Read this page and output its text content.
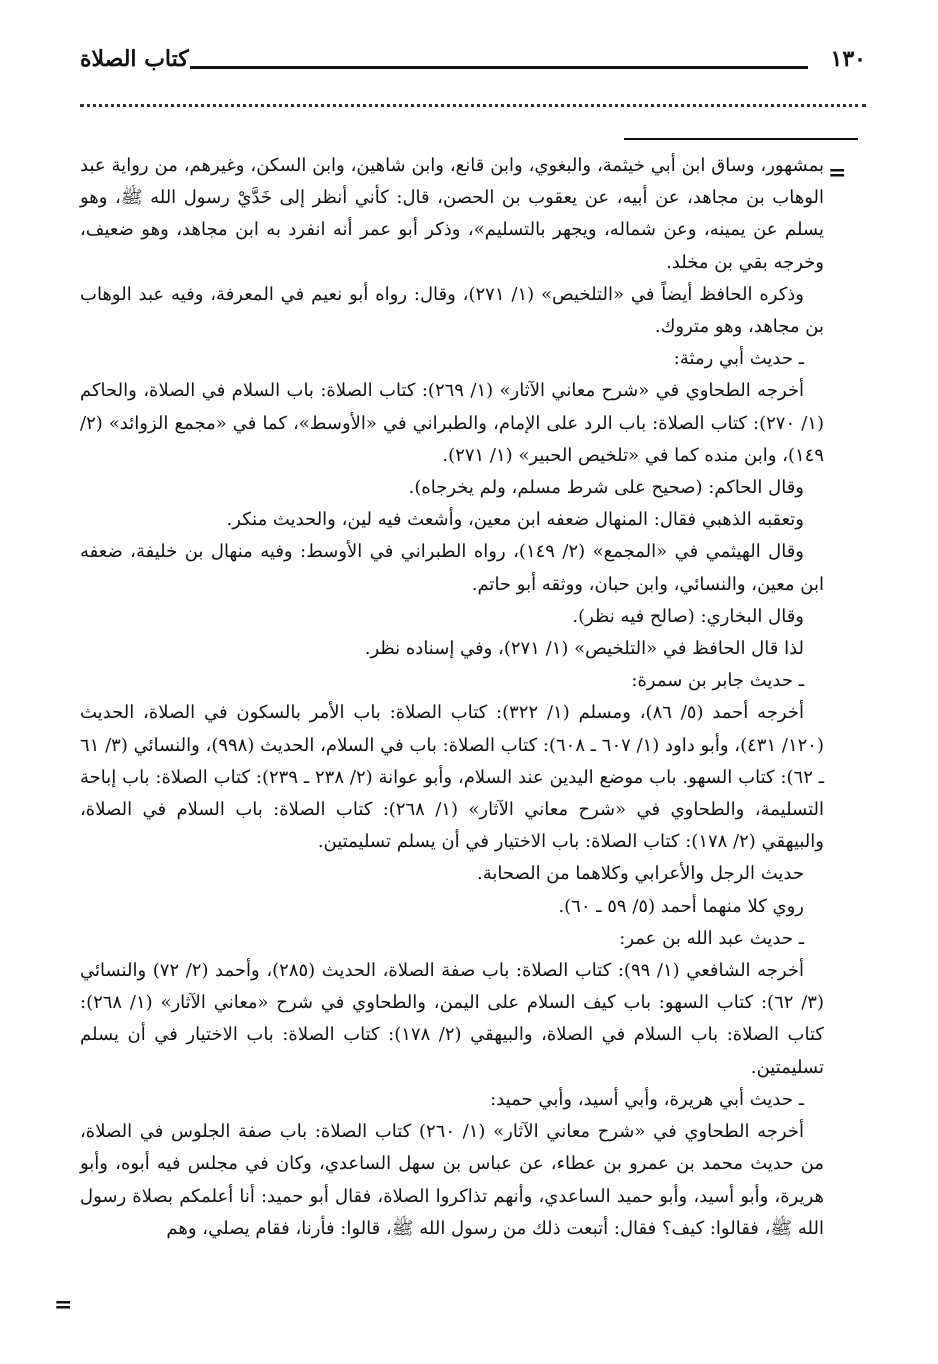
١٣٠
كتاب الصلاة
=
=

بمشهور، وساق ابن أبي خيثمة، والبغوي، وابن قانع، وابن شاهين، وابن السكن، وغيرهم، من رواية عبد الوهاب بن مجاهد، عن أبيه، عن يعقوب بن الحصن، قال: كأني أنظر إلى خَدَّيْ رسول الله ﷺ، وهو يسلم عن يمينه، وعن شماله، ويجهر بالتسليم»، وذكر أبو عمر أنه انفرد به ابن مجاهد، وهو ضعيف، وخرجه بقي بن مخلد.

وذكره الحافظ أيضاً في «التلخيص» (١/ ٢٧١)، وقال: رواه أبو نعيم في المعرفة، وفيه عبد الوهاب بن مجاهد، وهو متروك.

ـ حديث أبي رمثة:

أخرجه الطحاوي في «شرح معاني الآثار» (١/ ٢٦٩): كتاب الصلاة: باب السلام في الصلاة، والحاكم (١/ ٢٧٠): كتاب الصلاة: باب الرد على الإمام، والطبراني في «الأوسط»، كما في «مجمع الزوائد» (٢/ ١٤٩)، وابن منده كما في «تلخيص الحبير» (١/ ٢٧١).

وقال الحاكم: (صحيح على شرط مسلم، ولم يخرجاه).

وتعقبه الذهبي فقال: المنهال ضعفه ابن معين، وأشعث فيه لين، والحديث منكر.

وقال الهيثمي في «المجمع» (٢/ ١٤٩)، رواه الطبراني في الأوسط: وفيه منهال بن خليفة، ضعفه ابن معين، والنسائي، وابن حبان، ووثقه أبو حاتم.

وقال البخاري: (صالح فيه نظر).

لذا قال الحافظ في «التلخيص» (١/ ٢٧١)، وفي إسناده نظر.

ـ حديث جابر بن سمرة:

أخرجه أحمد (٥/ ٨٦)، ومسلم (١/ ٣٢٢): كتاب الصلاة: باب الأمر بالسكون في الصلاة، الحديث (١٢٠/ ٤٣١)، وأبو داود (١/ ٦٠٧ ـ ٦٠٨): كتاب الصلاة: باب في السلام، الحديث (٩٩٨)، والنسائي (٣/ ٦١ ـ ٦٢): كتاب السهو. باب موضع اليدين عند السلام، وأبو عوانة (٢/ ٢٣٨ ـ ٢٣٩): كتاب الصلاة: باب إباحة التسليمة، والطحاوي في «شرح معاني الآثار» (١/ ٢٦٨): كتاب الصلاة: باب السلام في الصلاة، والبيهقي (٢/ ١٧٨): كتاب الصلاة: باب الاختيار في أن يسلم تسليمتين.

حديث الرجل والأعرابي وكلاهما من الصحابة.

روي كلا منهما أحمد (٥/ ٥٩ ـ ٦٠).

ـ حديث عبد الله بن عمر:

أخرجه الشافعي (١/ ٩٩): كتاب الصلاة: باب صفة الصلاة، الحديث (٢٨٥)، وأحمد (٢/ ٧٢) والنسائي (٣/ ٦٢): كتاب السهو: باب كيف السلام على اليمن، والطحاوي في شرح «معاني الآثار» (١/ ٢٦٨): كتاب الصلاة: باب السلام في الصلاة، والبيهقي (٢/ ١٧٨): كتاب الصلاة: باب الاختيار في أن يسلم تسليمتين.

ـ حديث أبي هريرة، وأبي أسيد، وأبي حميد:

أخرجه الطحاوي في «شرح معاني الآثار» (١/ ٢٦٠) كتاب الصلاة: باب صفة الجلوس في الصلاة، من حديث محمد بن عمرو بن عطاء، عن عباس بن سهل الساعدي، وكان في مجلس فيه أبوه، وأبو هريرة، وأبو أسيد، وأبو حميد الساعدي، وأنهم تذاكروا الصلاة، فقال أبو حميد: أنا أعلمكم بصلاة رسول الله ﷺ، فقالوا: كيف؟ فقال: أتبعت ذلك من رسول الله ﷺ، قالوا: فأرنا، فقام يصلي، وهم
